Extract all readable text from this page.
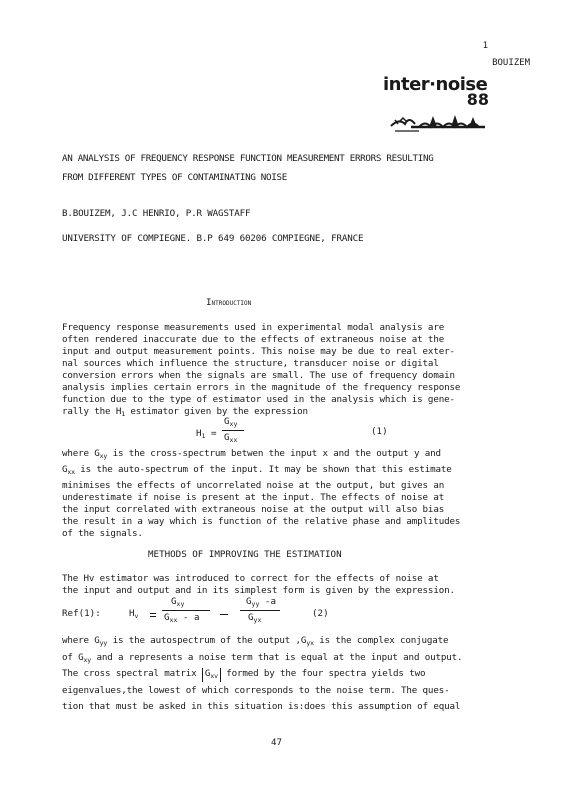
1
BOUIZEM
inter·noise
88
AN ANALYSIS OF FREQUENCY RESPONSE FUNCTION MEASUREMENT ERRORS RESULTING
FROM DIFFERENT TYPES OF CONTAMINATING NOISE
B.BOUIZEM, J.C HENRIO, P.R WAGSTAFF
UNIVERSITY OF COMPIEGNE. B.P 649 60206 COMPIEGNE, FRANCE
Introduction
Frequency response measurements used in experimental modal analysis are
often rendered inaccurate due to the effects of extraneous noise at the
input and output measurement points. This noise may be due to real exter-
nal sources which influence the structure, transducer noise or digital
conversion errors when the signals are small. The use of frequency domain
analysis implies certain errors in the magnitude of the frequency response
function due to the type of estimator used in the analysis which is gene-
rally the $H_1$ estimator given by the expression
$H_1$ =
$G_{xy}$
$G_{xx}$
(1)
where $G_{xy}$ is the cross-spectrum betwen the input x and the output y and
$G_{xx}$ is the auto-spectrum of the input. It may be shown that this estimate
minimises the effects of uncorrelated noise at the output, but gives an
underestimate if noise is present at the input. The effects of noise at
the input correlated with extraneous noise at the output will also bias
the result in a way which is function of the relative phase and amplitudes
of the signals.
METHODS OF IMPROVING THE ESTIMATION
The Hv estimator was introduced to correct for the effects of noise at
the input and output and in its simplest form is given by the expression.
Ref(1):	$H_v$
$G_{xy}$
$G_{xx}$ - a
$G_{yy}$ -a
$G_{yx}$
(2)
where $G_{yy}$ is the autospectrum of the output $,G_{yx}$ is the complex conjugate
of $G_{xy}$ and a represents a noise term that is equal at the input and output.
The cross spectral matrix $G_{xv}$ formed by the four spectra yields two
eigenvalues,the lowest of which corresponds to the noise term. The ques-
tion that must be asked in this situation is:does this assumption of equal
47
